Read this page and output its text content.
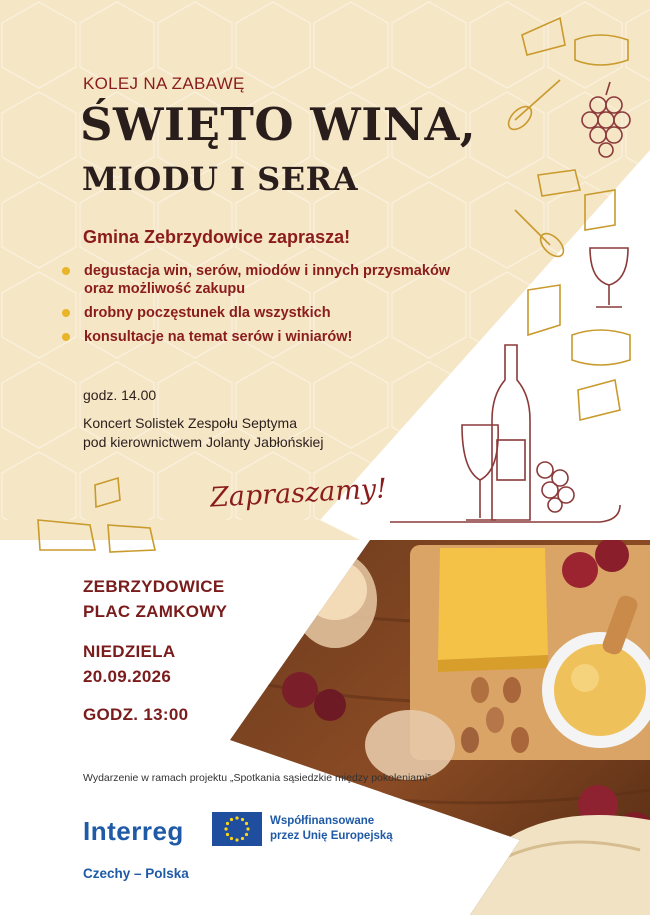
KOLEJ NA ZABAWĘ

ŚWIĘTO WINA,
MIODU I SERA

Gmina Zebrzydowice zaprasza!

degustacja win, serów, miodów i innych przysmaków
oraz możliwość zakupu
drobny poczęstunek dla wszystkich
konsultacje na temat serów i winiarów!

godz. 14.00

Koncert Solistek Zespołu Septyma
pod kierownictwem Jolanty Jabłońskiej

Zapraszamy!

ZEBRZYDOWICE
PLAC ZAMKOWY

NIEDZIELA
20.09.2026

GODZ. 13:00

Wydarzenie w ramach projektu „Spotkania sąsiedzkie między pokoleniami”

Interreg

Czechy – Polska

Współfinansowane
przez Unię Europejską
